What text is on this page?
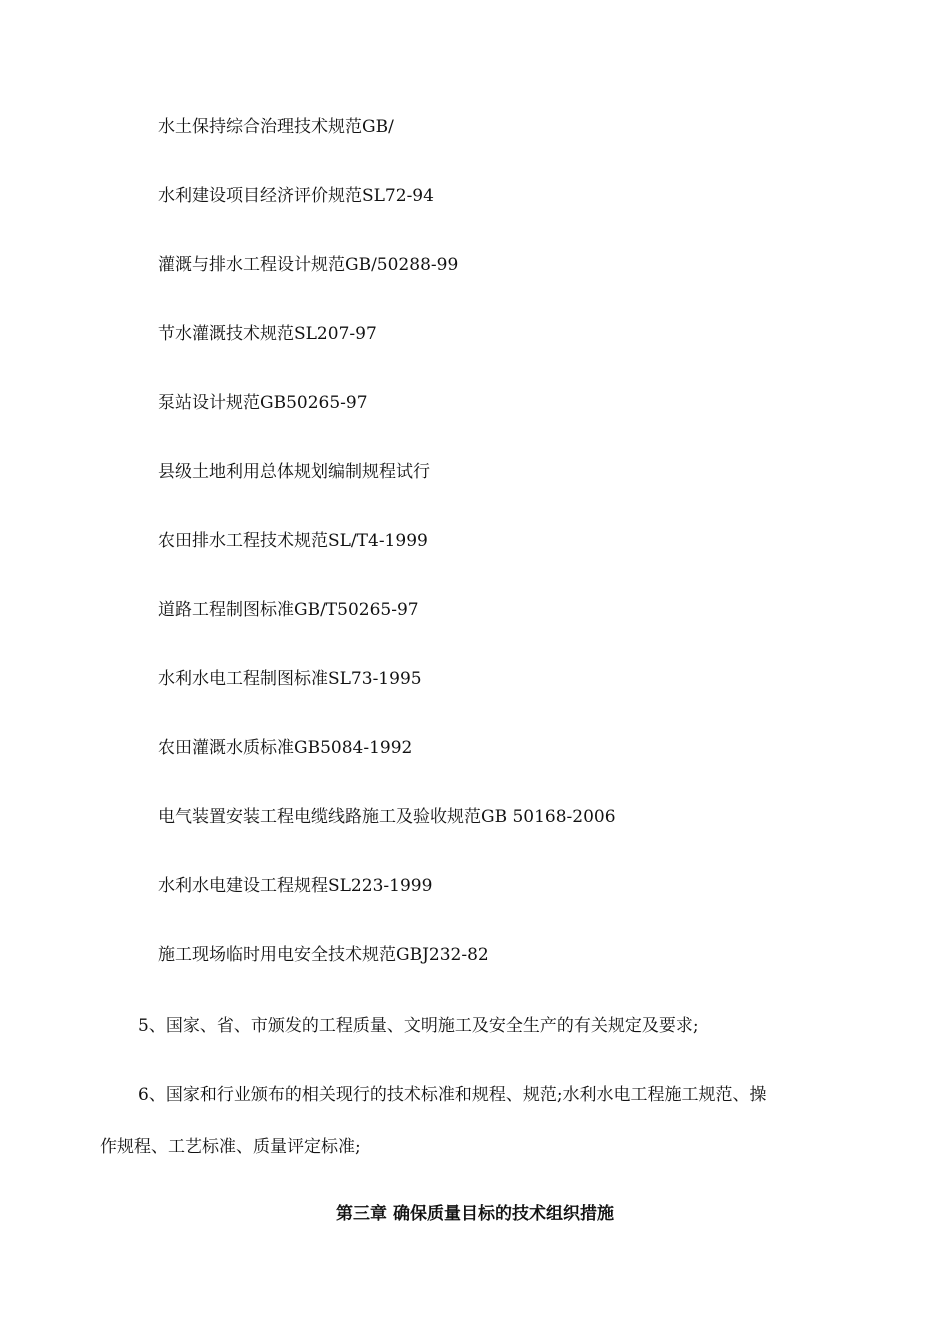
水土保持综合治理技术规范GB/
水利建设项目经济评价规范SL72-94
灌溉与排水工程设计规范GB/50288-99
节水灌溉技术规范SL207-97
泵站设计规范GB50265-97
县级土地利用总体规划编制规程试行
农田排水工程技术规范SL/T4-1999
道路工程制图标准GB/T50265-97
水利水电工程制图标准SL73-1995
农田灌溉水质标准GB5084-1992
电气装置安装工程电缆线路施工及验收规范GB 50168-2006
水利水电建设工程规程SL223-1999
施工现场临时用电安全技术规范GBJ232-82
5、国家、省、市颁发的工程质量、文明施工及安全生产的有关规定及要求;
6、国家和行业颁布的相关现行的技术标准和规程、规范;水利水电工程施工规范、操
作规程、工艺标准、质量评定标准;
第三章 确保质量目标的技术组织措施
